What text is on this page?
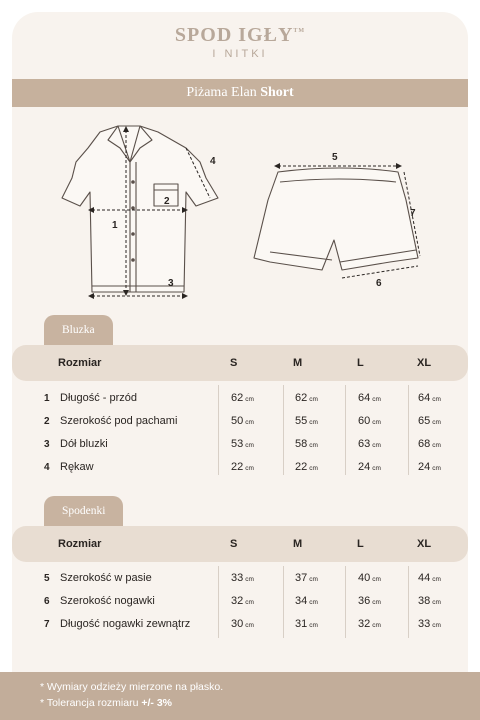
SPOD IGŁY™
I NITKI
Piżama Elan Short
1
2
3
4	5
6
7
Bluzka
Rozmiar	S	M	L	XL
1 Długość - przód	62 cm	62 cm	64 cm	64 cm
2 Szerokość pod pachami	50 cm	55 cm	60 cm	65 cm
3 Dół bluzki	53 cm	58 cm	63 cm	68 cm
4 Rękaw	22 cm	22 cm	24 cm	24 cm
Spodenki
Rozmiar	S	M	L	XL
5 Szerokość w pasie	33 cm	37 cm	40 cm	44 cm
6 Szerokość nogawki	32 cm	34 cm	36 cm	38 cm
7 Długość nogawki zewnątrz	30 cm	31 cm	32 cm	33 cm
* Wymiary odzieży mierzone na płasko.
* Tolerancja rozmiaru +/- 3%
